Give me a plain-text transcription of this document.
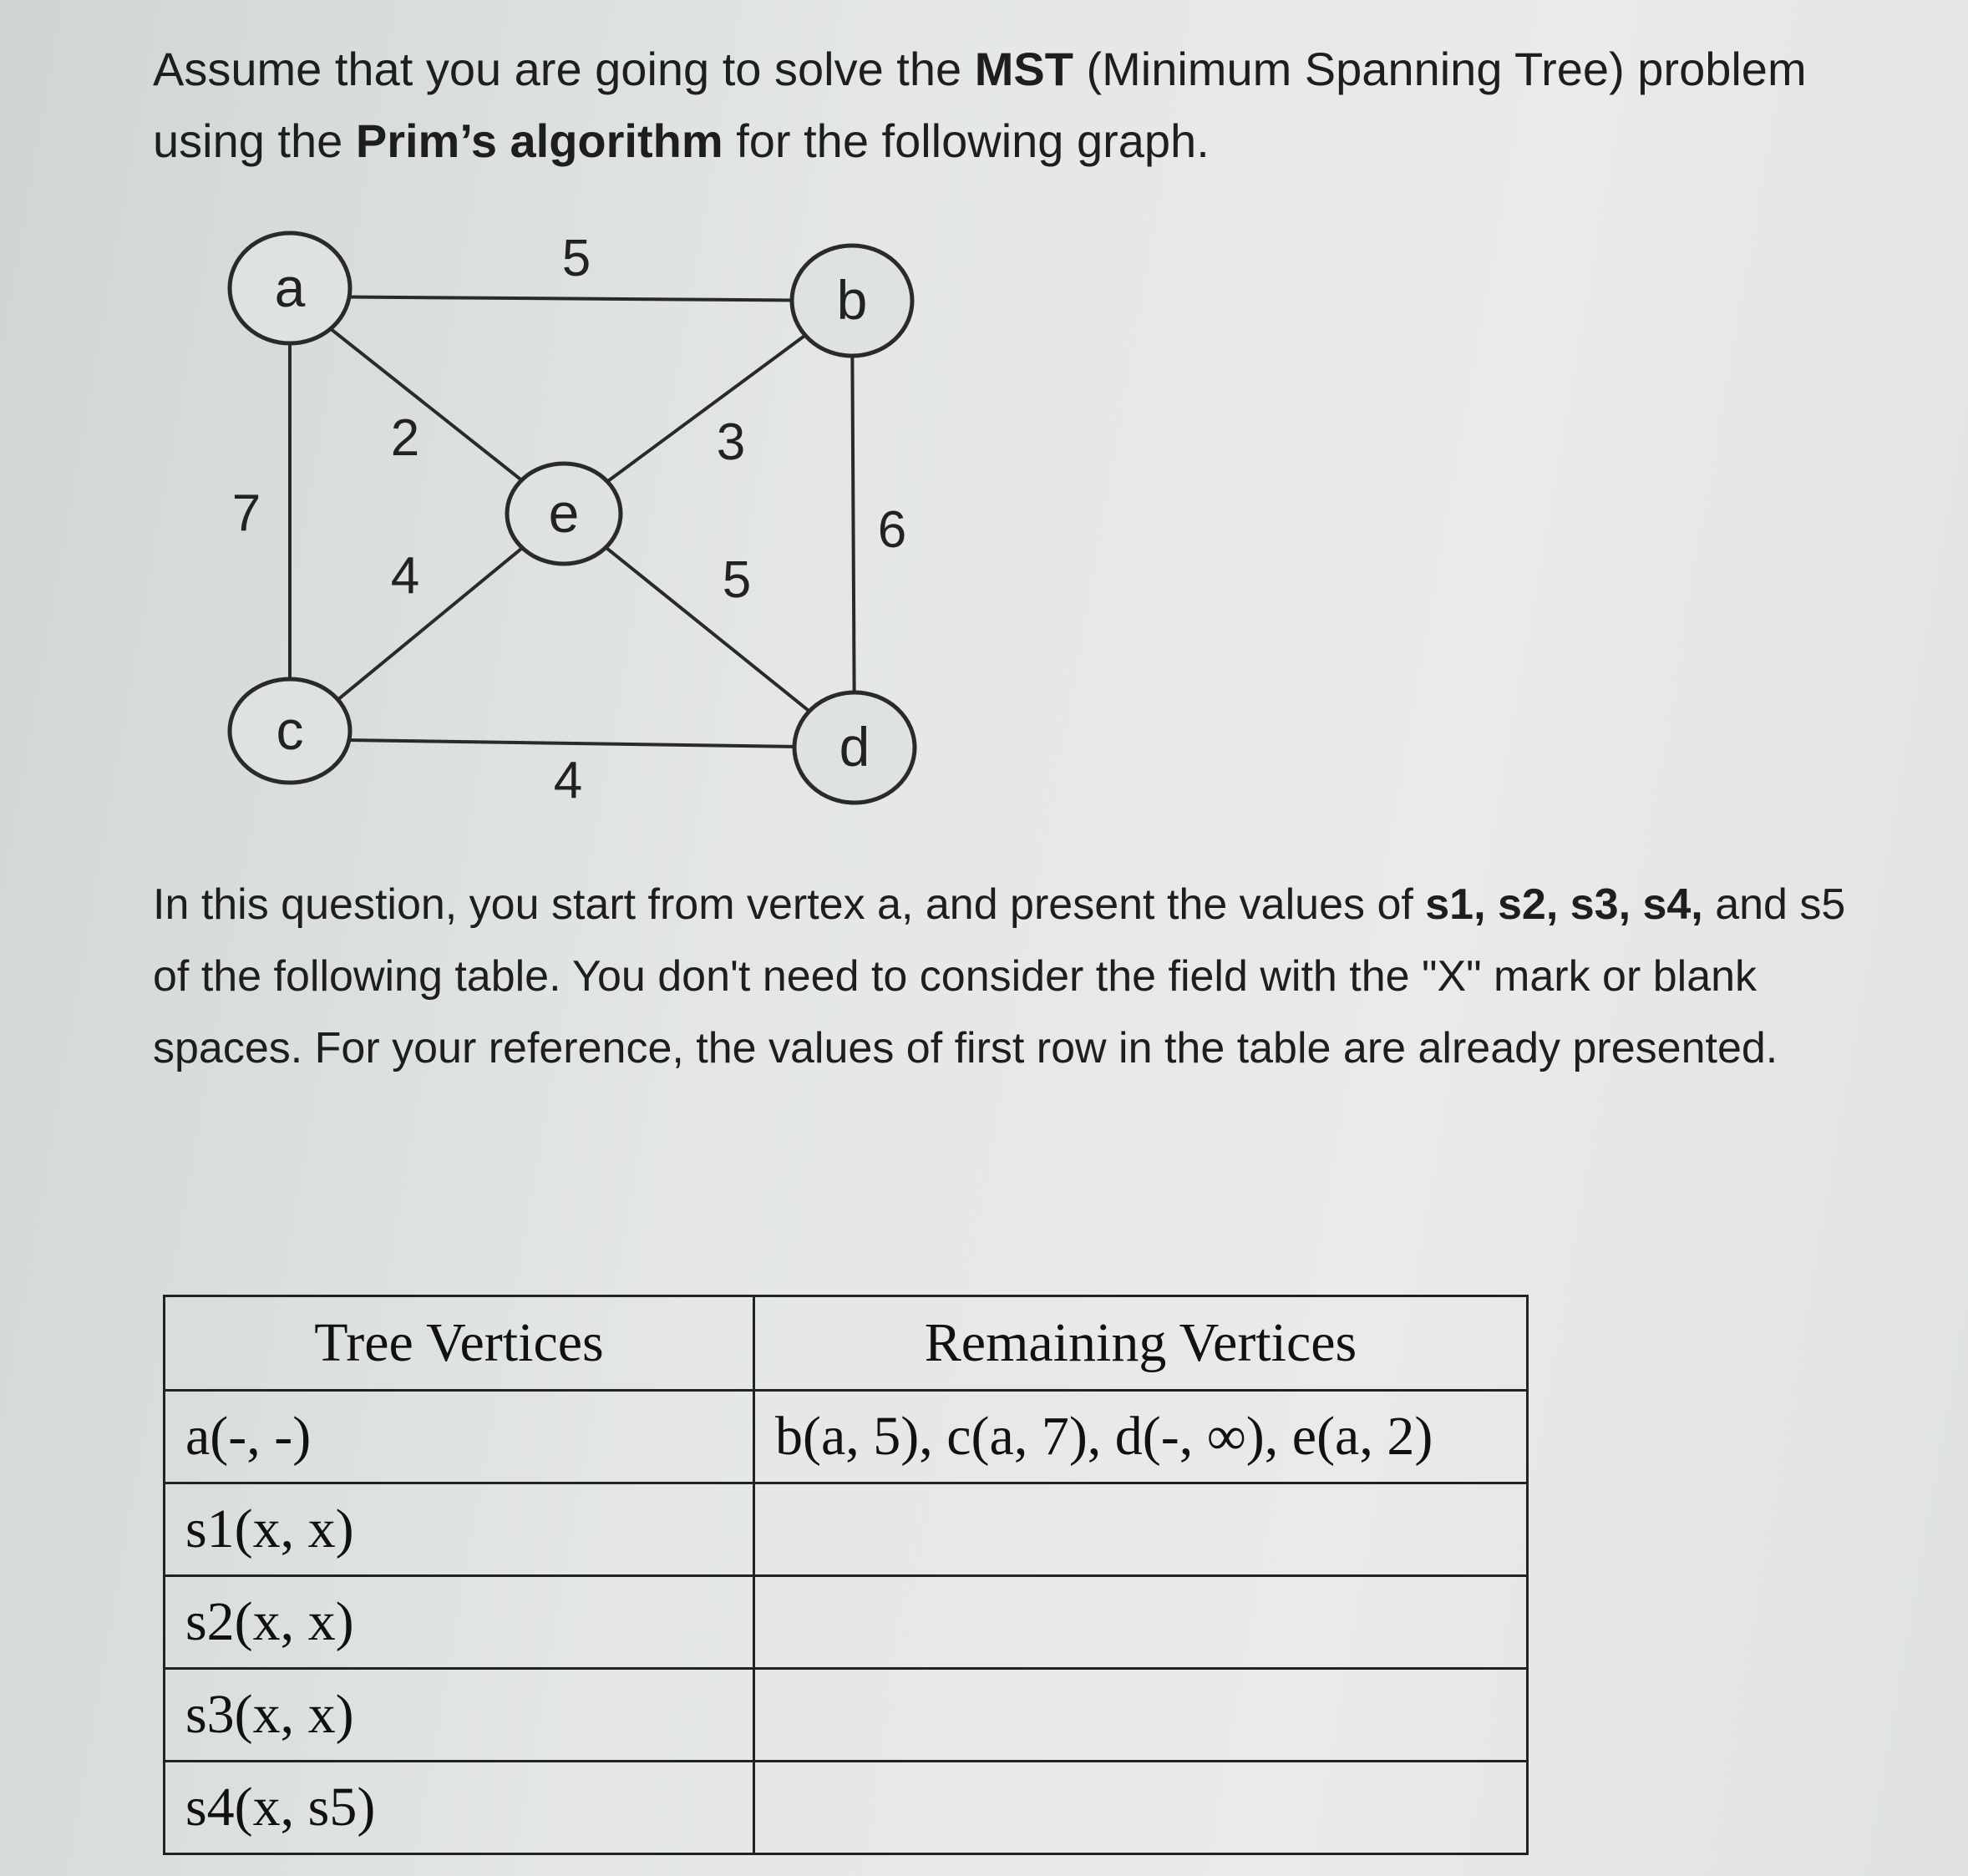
Assume that you are going to solve the MST (Minimum Spanning Tree) problem using the Prim’s algorithm for the following graph.

a	b
c	d
e
5
7
2	3
6
4
4
5

In this question, you start from vertex a, and present the values of s1, s2, s3, s4, and s5 of the following table. You don't need to consider the field with the "X" mark or blank spaces. For your reference, the values of first row in the table are already presented.

Tree Vertices	Remaining Vertices
a(-, -)	b(a, 5), c(a, 7), d(-, ∞), e(a, 2)
s1(x, x)	
s2(x, x)	
s3(x, x)	
s4(x, s5)	
